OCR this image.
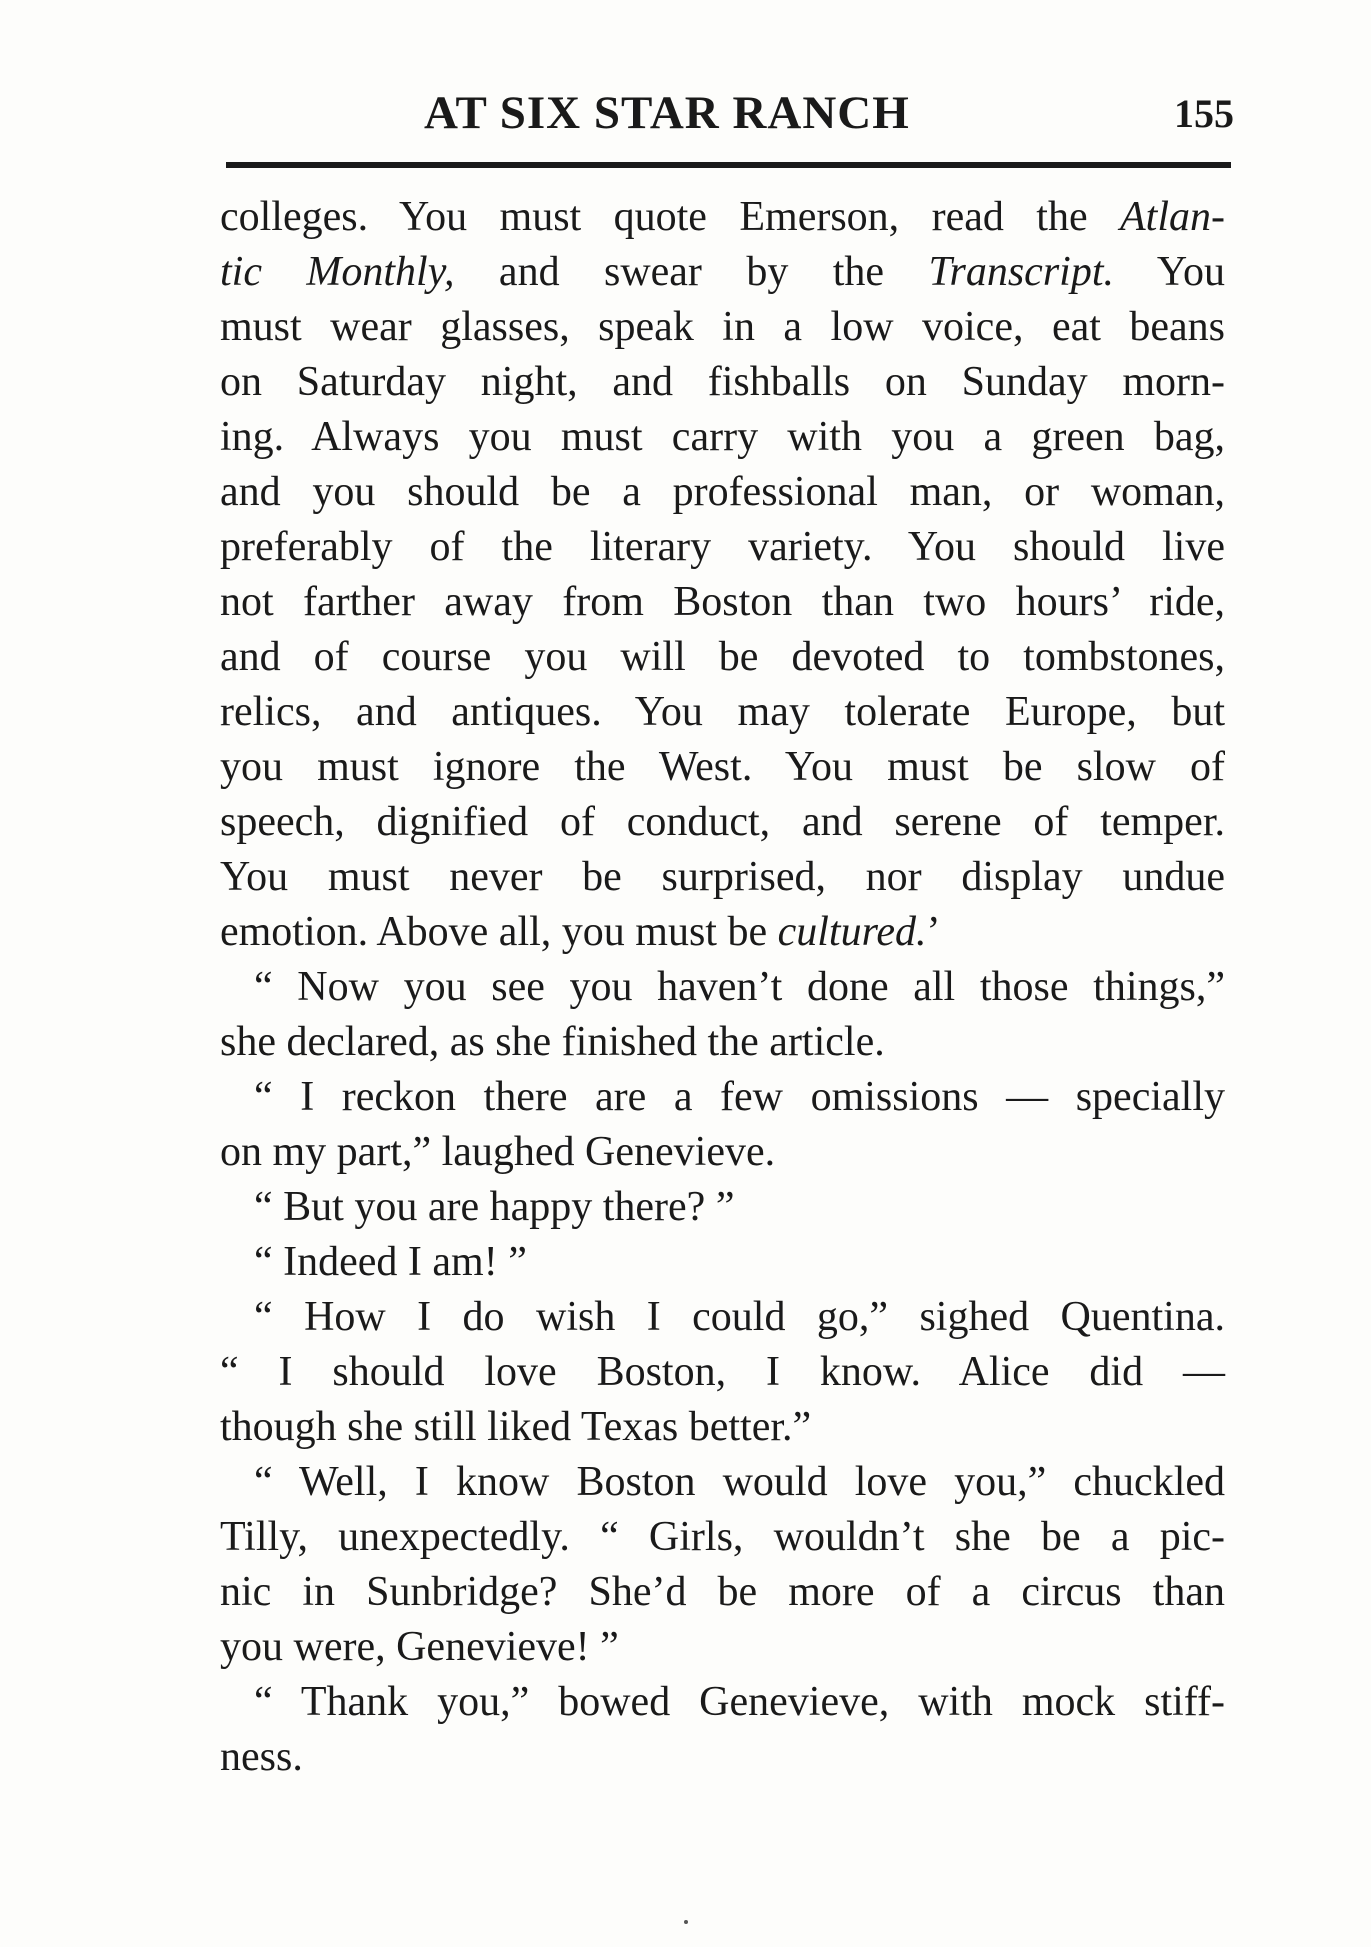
AT SIX STAR RANCH	155
colleges. You must quote Emerson, read the Atlan-
tic Monthly, and swear by the Transcript. You
must wear glasses, speak in a low voice, eat beans
on Saturday night, and fishballs on Sunday morn-
ing. Always you must carry with you a green bag,
and you should be a professional man, or woman,
preferably of the literary variety. You should live
not farther away from Boston than two hours’ ride,
and of course you will be devoted to tombstones,
relics, and antiques. You may tolerate Europe, but
you must ignore the West. You must be slow of
speech, dignified of conduct, and serene of temper.
You must never be surprised, nor display undue
emotion. Above all, you must be cultured.’
“ Now you see you haven’t done all those things,”
she declared, as she finished the article.
“ I reckon there are a few omissions — specially
on my part,” laughed Genevieve.
“ But you are happy there? ”
“ Indeed I am! ”
“ How I do wish I could go,” sighed Quentina.
“ I should love Boston, I know. Alice did —
though she still liked Texas better.”
“ Well, I know Boston would love you,” chuckled
Tilly, unexpectedly. “ Girls, wouldn’t she be a pic-
nic in Sunbridge? She’d be more of a circus than
you were, Genevieve! ”
“ Thank you,” bowed Genevieve, with mock stiff-
ness.
